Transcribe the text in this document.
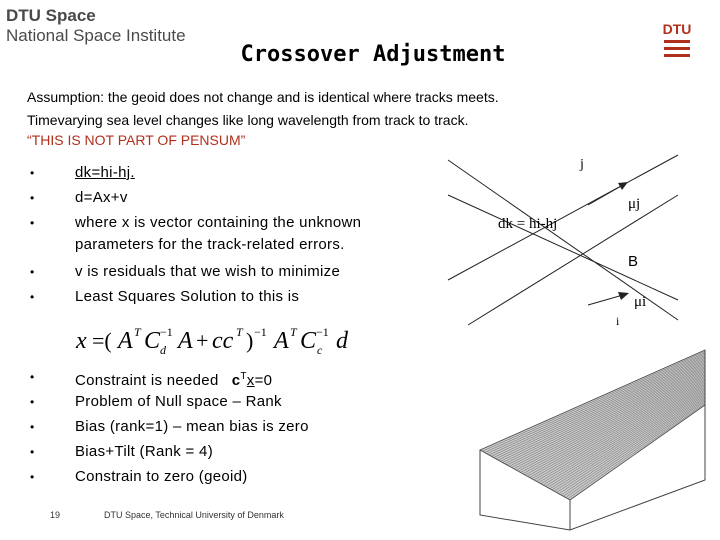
DTU Space
National Space Institute	DTU
Crossover Adjustment
Assumption: the geoid does not change and is identical where tracks meets.
Timevarying sea level changes like long wavelength from track to track.
“THIS IS NOT PART OF PENSUM”
•	dk=hi-hj.
•	d=Ax+v
•	where x is vector containing the unknown
parameters for the track-related errors.
•	v is residuals that we wish to minimize
•	Least Squares Solution to this is
x =( A T C −1
d A + cc T ) −1 A T C −1
c d
•	Constraint is needed  $c^Tx=0$
•	Problem of Null space – Rank
•	Bias (rank=1) – mean bias is zero
•	Bias+Tilt (Rank = 4)
•	Constrain to zero (geoid)
j
μj
dk = hi-hj
B
μi
i
19	DTU Space, Technical University of Denmark
